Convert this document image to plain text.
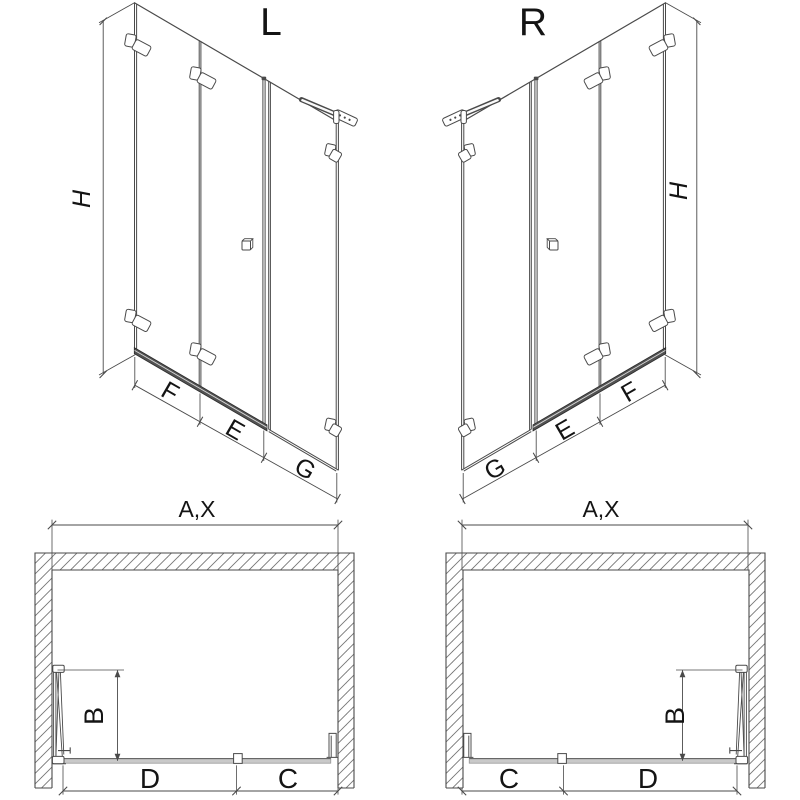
L
H
F
E
G
R
H
G
E
F
A,X
B
D	C
A,X
B
C	D
